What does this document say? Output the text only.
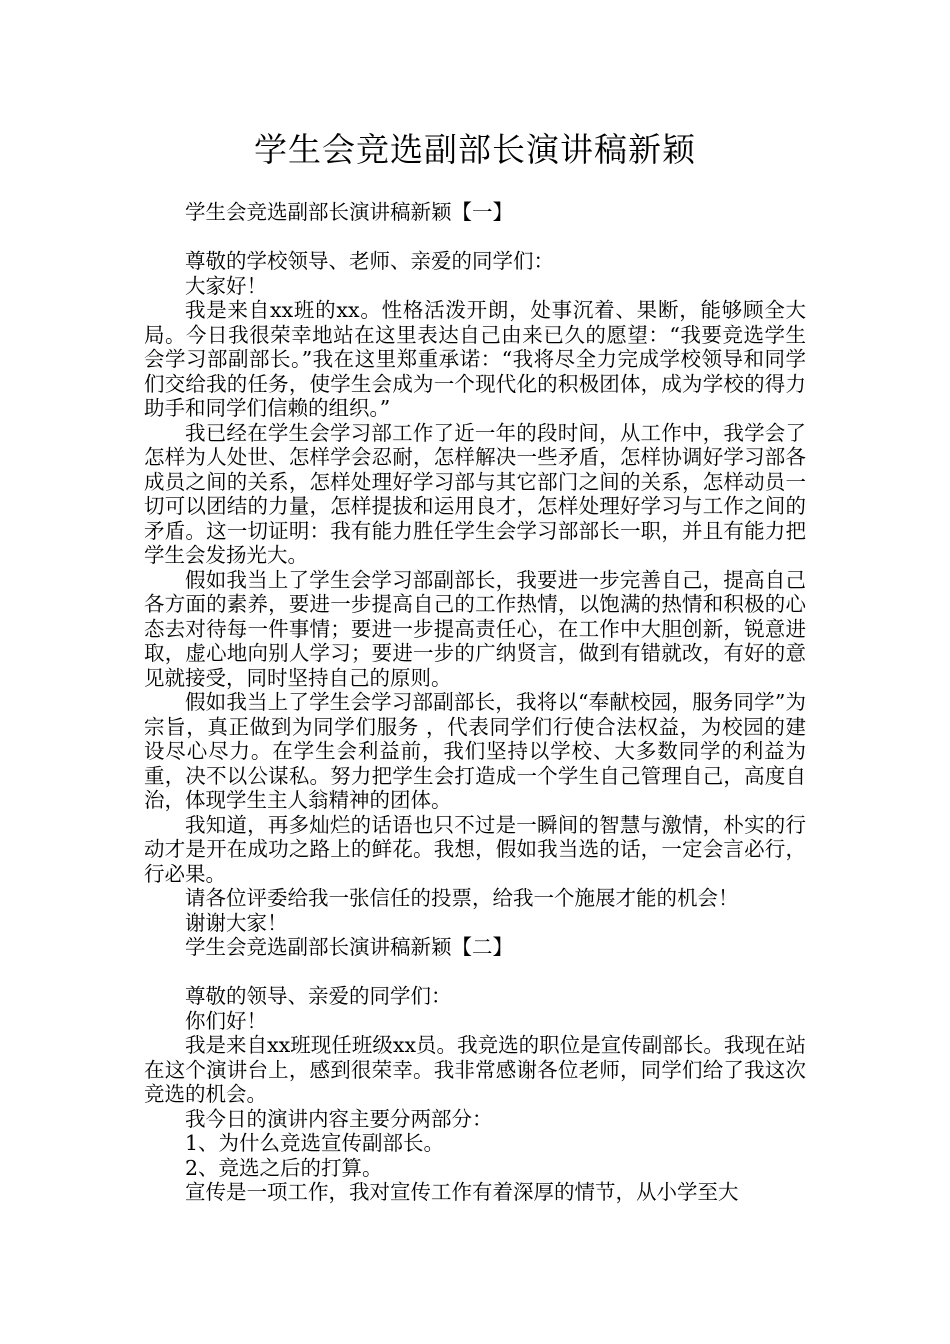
学生会竞选副部长演讲稿新颖

学生会竞选副部长演讲稿新颖【一】

尊敬的学校领导、老师、亲爱的同学们：

大家好！

我是来自xx班的xx。性格活泼开朗，处事沉着、果断，能够顾全大局。今日我很荣幸地站在这里表达自己由来已久的愿望：“我要竞选学生会学习部副部长。”我在这里郑重承诺：“我将尽全力完成学校领导和同学们交给我的任务，使学生会成为一个现代化的积极团体，成为学校的得力助手和同学们信赖的组织。”

我已经在学生会学习部工作了近一年的段时间，从工作中，我学会了怎样为人处世、怎样学会忍耐，怎样解决一些矛盾，怎样协调好学习部各成员之间的关系，怎样处理好学习部与其它部门之间的关系，怎样动员一切可以团结的力量，怎样提拔和运用良才，怎样处理好学习与工作之间的矛盾。这一切证明：我有能力胜任学生会学习部部长一职，并且有能力把学生会发扬光大。

假如我当上了学生会学习部副部长，我要进一步完善自己，提高自己各方面的素养，要进一步提高自己的工作热情，以饱满的热情和积极的心态去对待每一件事情；要进一步提高责任心，在工作中大胆创新，锐意进取，虚心地向别人学习；要进一步的广纳贤言，做到有错就改，有好的意见就接受，同时坚持自己的原则。

假如我当上了学生会学习部副部长，我将以“奉献校园，服务同学”为宗旨，真正做到为同学们服务 ，代表同学们行使合法权益，为校园的建设尽心尽力。在学生会利益前，我们坚持以学校、大多数同学的利益为重，决不以公谋私。努力把学生会打造成一个学生自己管理自己，高度自治，体现学生主人翁精神的团体。

我知道，再多灿烂的话语也只不过是一瞬间的智慧与激情，朴实的行动才是开在成功之路上的鲜花。我想，假如我当选的话，一定会言必行，行必果。

请各位评委给我一张信任的投票，给我一个施展才能的机会！

谢谢大家！

学生会竞选副部长演讲稿新颖【二】

尊敬的领导、亲爱的同学们：

你们好！

我是来自xx班现任班级xx员。我竞选的职位是宣传副部长。我现在站在这个演讲台上，感到很荣幸。我非常感谢各位老师，同学们给了我这次竞选的机会。

我今日的演讲内容主要分两部分：

1、为什么竞选宣传副部长。

2、竞选之后的打算。

宣传是一项工作，我对宣传工作有着深厚的情节，从小学至大
